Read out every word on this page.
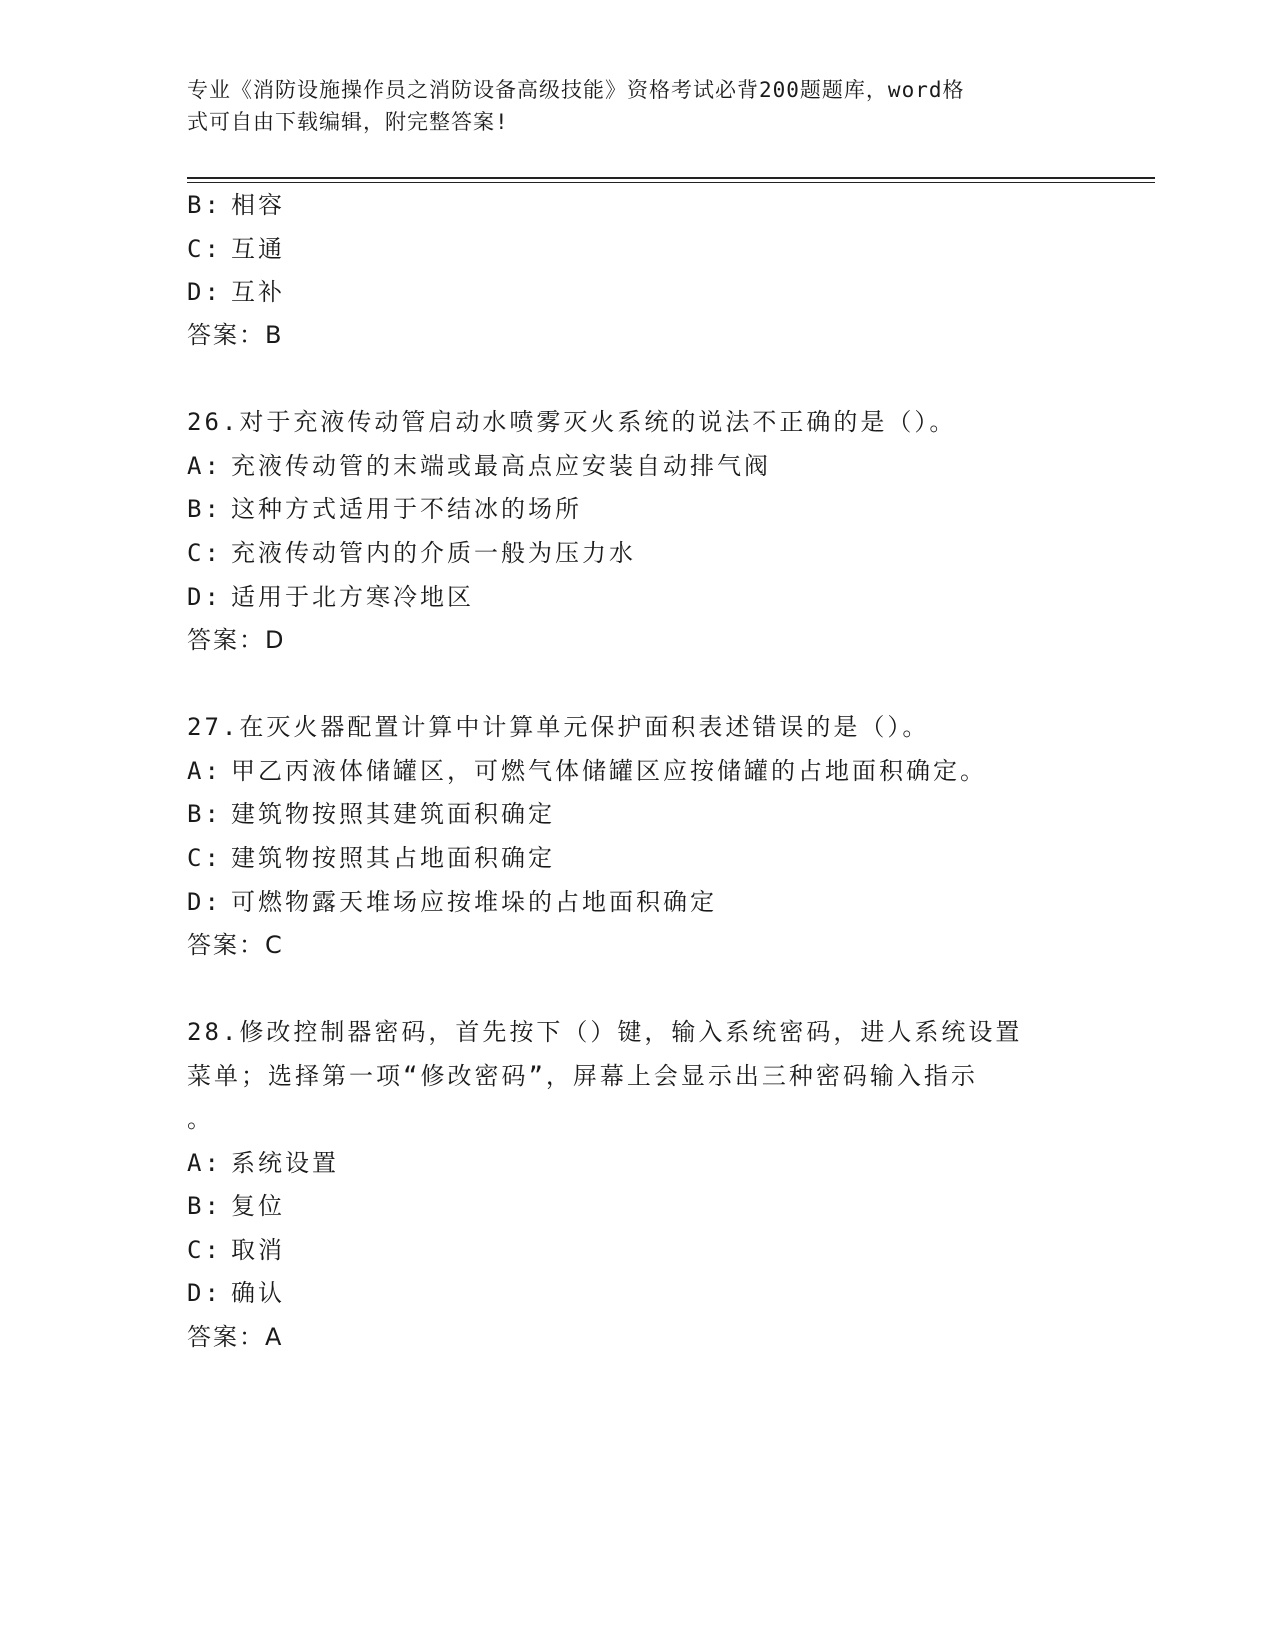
专业《消防设施操作员之消防设备高级技能》资格考试必背200题题库，word格
式可自由下载编辑，附完整答案!
B: 相容
C: 互通
D: 互补
答案：B
26.对于充液传动管启动水喷雾灭火系统的说法不正确的是（）。
A: 充液传动管的末端或最高点应安装自动排气阀
B: 这种方式适用于不结冰的场所
C: 充液传动管内的介质一般为压力水
D: 适用于北方寒冷地区
答案：D
27.在灭火器配置计算中计算单元保护面积表述错误的是（）。
A: 甲乙丙液体储罐区，可燃气体储罐区应按储罐的占地面积确定。
B: 建筑物按照其建筑面积确定
C: 建筑物按照其占地面积确定
D: 可燃物露天堆场应按堆垛的占地面积确定
答案：C
28.修改控制器密码，首先按下（）键，输入系统密码，进人系统设置
菜单；选择第一项“修改密码”，屏幕上会显示出三种密码输入指示
。
A: 系统设置
B: 复位
C: 取消
D: 确认
答案：A
